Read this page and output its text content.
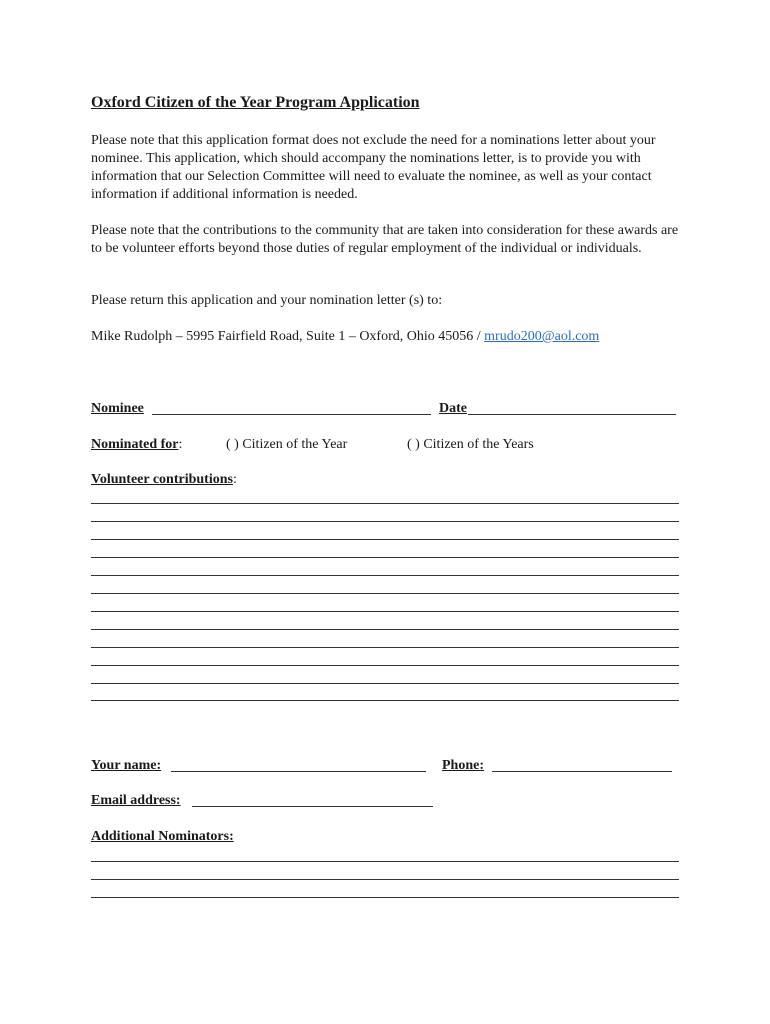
Oxford Citizen of the Year Program Application

Please note that this application format does not exclude the need for a nominations letter about your nominee. This application, which should accompany the nominations letter, is to provide you with information that our Selection Committee will need to evaluate the nominee, as well as your contact information if additional information is needed.

Please note that the contributions to the community that are taken into consideration for these awards are to be volunteer efforts beyond those duties of regular employment of the individual or individuals.

Please return this application and your nomination letter (s) to:

Mike Rudolph – 5995 Fairfield Road, Suite 1 – Oxford, Ohio 45056 / mrudo200@aol.com
Nominee	Date
Nominated for:	( ) Citizen of the Year	( ) Citizen of the Years
Volunteer contributions:
Your name:	Phone:
Email address:
Additional Nominators:
